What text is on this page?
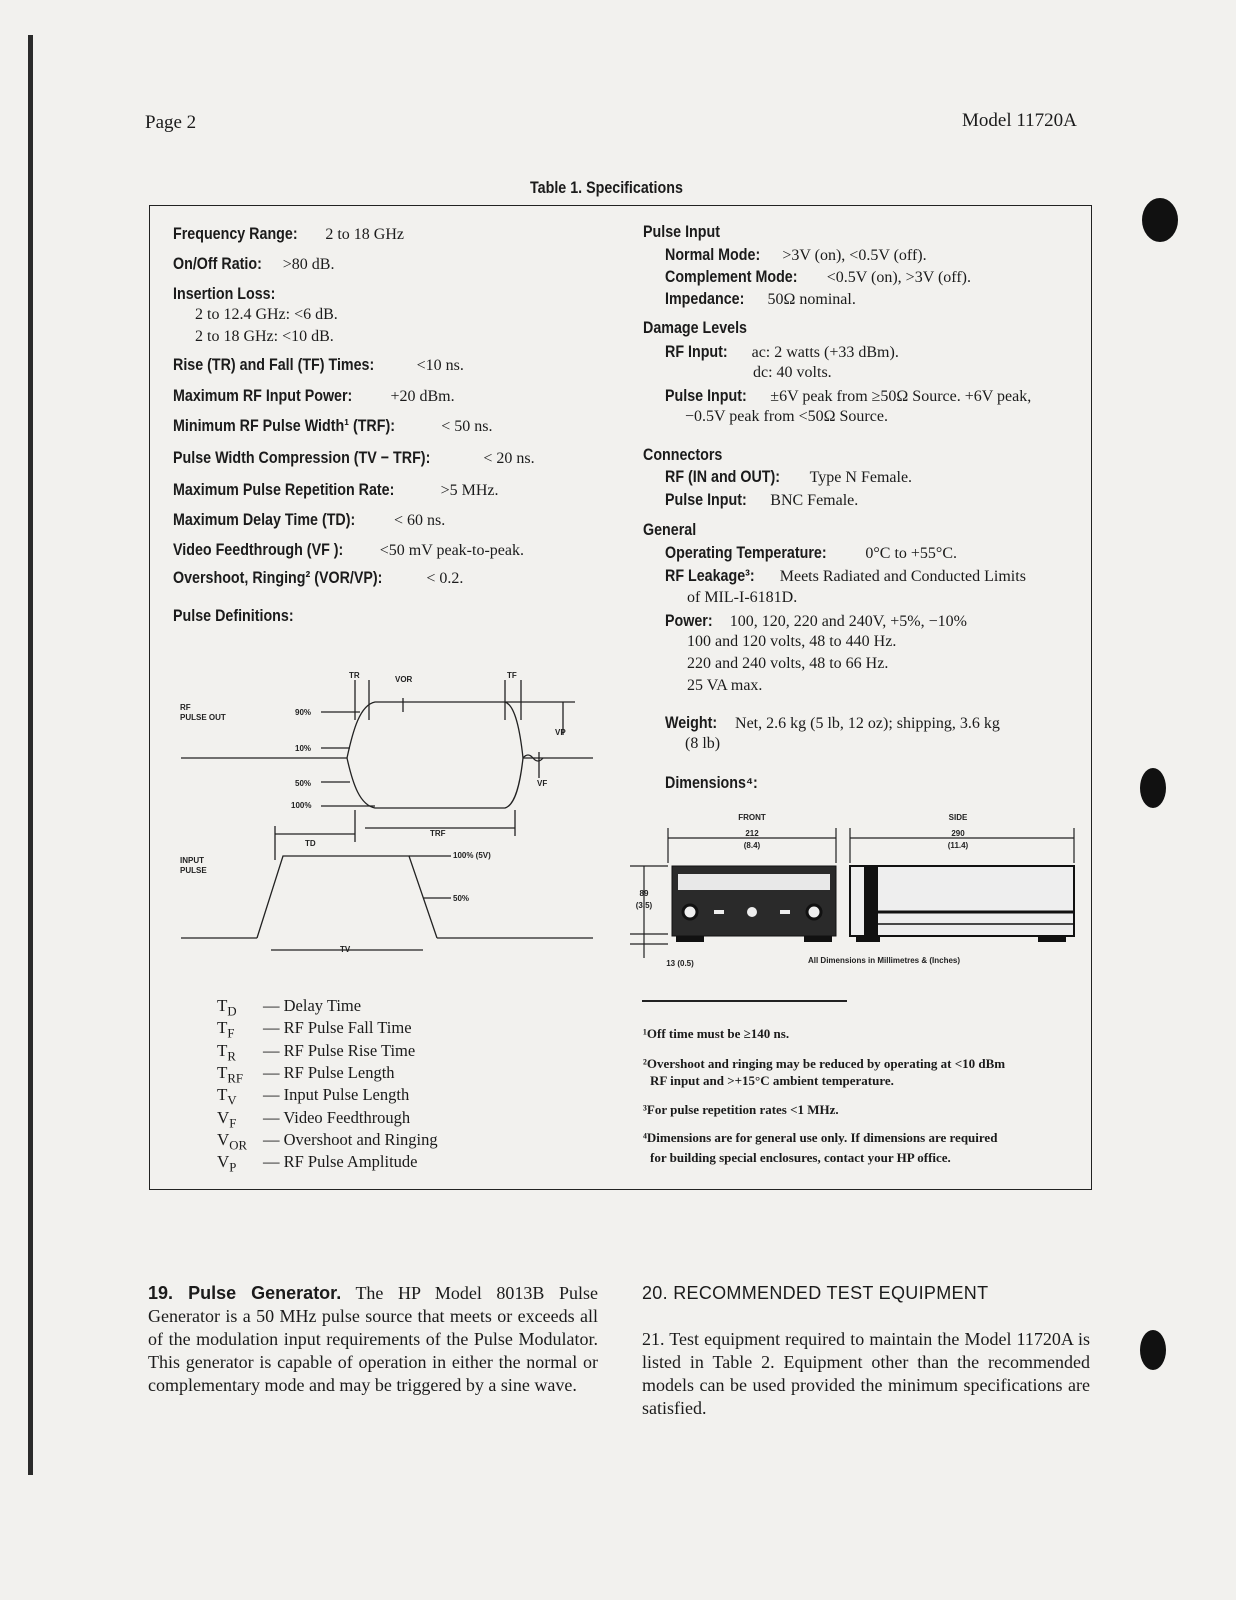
Page 2	Model 11720A
Table 1. Specifications
Frequency Range: 2 to 18 GHz
On/Off Ratio: >80 dB.
Insertion Loss:
2 to 12.4 GHz: <6 dB.
2 to 18 GHz: <10 dB.
Rise (TR) and Fall (TF) Times: <10 ns.
Maximum RF Input Power: +20 dBm.
Minimum RF Pulse Width¹ (TRF):	< 50 ns.
Pulse Width Compression (TV − TRF):	< 20 ns.
Maximum Pulse Repetition Rate:	>5 MHz.
Maximum Delay Time (TD): < 60 ns.
Video Feedthrough (VF ): <50 mV peak-to-peak.
Overshoot, Ringing² (VOR/VP): < 0.2.
Pulse Definitions:
Pulse Input
Normal Mode: >3V (on), <0.5V (off).
Complement Mode: <0.5V (on), >3V (off).
Impedance:  50Ω nominal.
Damage Levels
RF Input:   ac: 2 watts (+33 dBm).
dc: 40 volts.
Pulse Input:  ±6V peak from ≥50Ω Source. +6V peak,
−0.5V peak from <50Ω Source.
Connectors
RF (IN and OUT):  Type N Female.
Pulse Input:  BNC Female.
General
Operating Temperature:  0°C to +55°C.
RF Leakage³:  Meets Radiated and Conducted Limits
of MIL-I-6181D.
Power:  100, 120, 220 and 240V, +5%, −10%
100 and 120 volts, 48 to 440 Hz.
220 and 240 volts, 48 to 66 Hz.
25 VA max.
Weight:  Net, 2.6 kg (5 lb, 12 oz); shipping, 3.6 kg
(8 lb)
Dimensions⁴:
RF
PULSE OUT
90%
10%
50%
100%
TR	VOR	TF
VP
VF
TD
TRF
INPUT
PULSE
100% (5V)
50%
TV
$T_D$ — Delay Time
$T_F$ — RF Pulse Fall Time
$T_R$ — RF Pulse Rise Time
$T_{RF}$ — RF Pulse Length
$T_V$ — Input Pulse Length
$V_F$ — Video Feedthrough
$V_{OR}$ — Overshoot and Ringing
$V_P$ — RF Pulse Amplitude
FRONT	SIDE
212
(8.4)
290
(11.4)
89
(3.5)
13 (0.5)	All Dimensions in Millimetres & (Inches)
¹Off time must be ≥140 ns.
²Overshoot and ringing may be reduced by operating at <10 dBm
RF input and >+15°C ambient temperature.
³For pulse repetition rates <1 MHz.
⁴Dimensions are for general use only. If dimensions are required
for building special enclosures, contact your HP office.
19. Pulse Generator. The HP Model 8013B Pulse Generator is a 50 MHz pulse source that meets or exceeds all of the modulation input requirements of the Pulse Modulator. This generator is capable of operation in either the normal or complementary mode and may be triggered by a sine wave.
20. RECOMMENDED TEST EQUIPMENT
21. Test equipment required to maintain the Model 11720A is listed in Table 2. Equipment other than the recommended models can be used provided the minimum specifications are satisfied.
